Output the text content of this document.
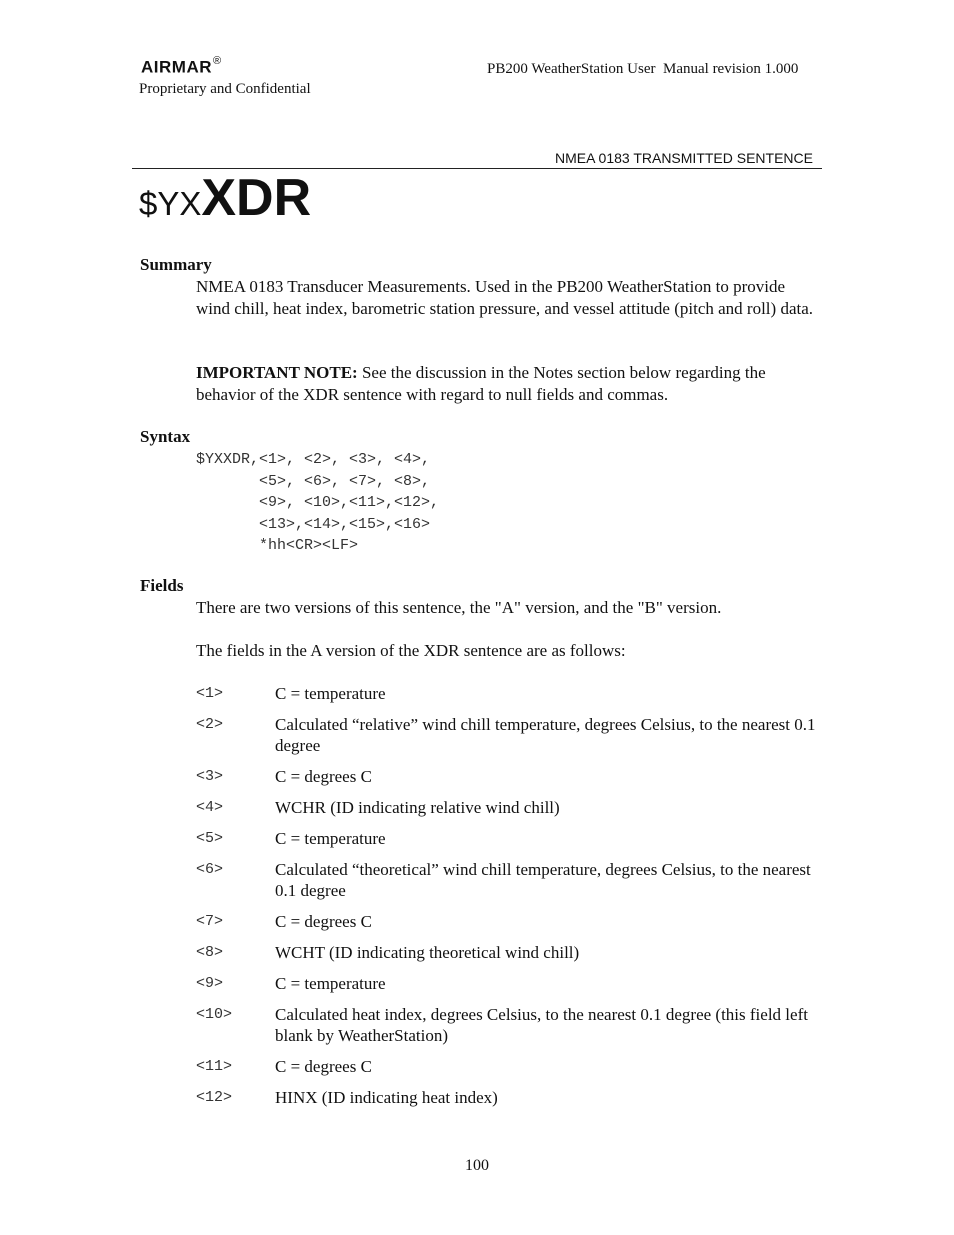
AIRMAR®
Proprietary and Confidential
PB200 WeatherStation User  Manual revision 1.000
NMEA 0183 TRANSMITTED SENTENCE
$YXXDR
Summary
NMEA 0183 Transducer Measurements. Used in the PB200 WeatherStation to provide wind chill, heat index, barometric station pressure, and vessel attitude (pitch and roll) data.
IMPORTANT NOTE: See the discussion in the Notes section below regarding the behavior of the XDR sentence with regard to null fields and commas.
Syntax
$YXXDR,<1>, <2>, <3>, <4>,
<5>, <6>, <7>, <8>,
<9>, <10>,<11>,<12>,
<13>,<14>,<15>,<16>
*hh<CR><LF>
Fields
There are two versions of this sentence, the "A" version, and the "B" version.
The fields in the A version of the XDR sentence are as follows:
<1>	C = temperature
<2>	Calculated “relative” wind chill temperature, degrees Celsius, to the nearest 0.1 degree
<3>	C = degrees C
<4>	WCHR (ID indicating relative wind chill)
<5>	C = temperature
<6>	Calculated “theoretical” wind chill temperature, degrees Celsius, to the nearest 0.1 degree
<7>	C = degrees C
<8>	WCHT (ID indicating theoretical wind chill)
<9>	C = temperature
<10>	Calculated heat index, degrees Celsius, to the nearest 0.1 degree (this field left blank by WeatherStation)
<11>	C = degrees C
<12>	HINX (ID indicating heat index)
100
